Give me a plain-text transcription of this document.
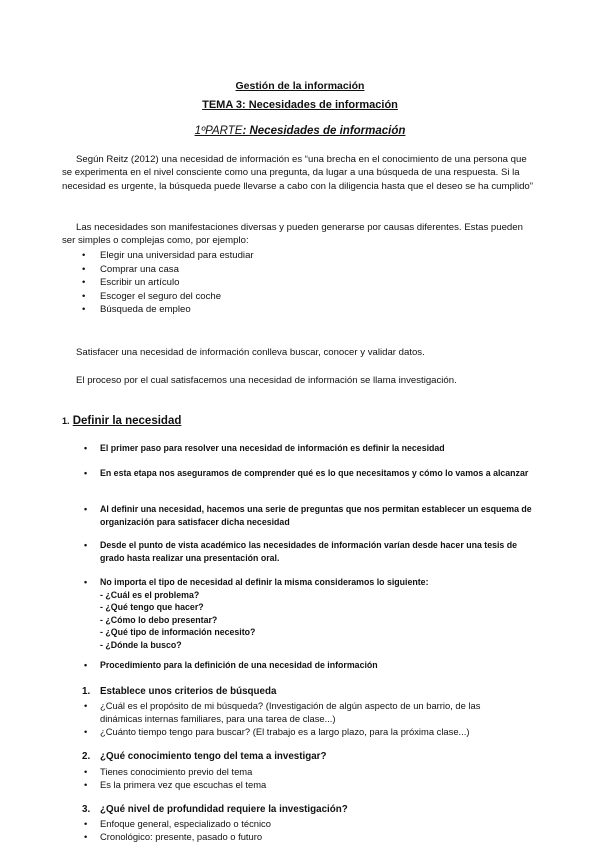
Gestión de la información
TEMA 3: Necesidades de información
1ºPARTE: Necesidades de información
Según Reitz (2012) una necesidad de información es “una brecha en el conocimiento de una persona que se experimenta en el nivel consciente como una pregunta, da lugar a una búsqueda de una respuesta. Si la necesidad es urgente, la búsqueda puede llevarse a cabo con la diligencia hasta que el deseo se ha cumplido”
Las necesidades son manifestaciones diversas y pueden generarse por causas diferentes. Estas pueden ser simples o complejas como, por ejemplo:
• Elegir una universidad para estudiar
• Comprar una casa
• Escribir un artículo
• Escoger el seguro del coche
• Búsqueda de empleo
Satisfacer una necesidad de información conlleva buscar, conocer y validar datos.
El proceso por el cual satisfacemos una necesidad de información se llama investigación.
1. Definir la necesidad
• El primer paso para resolver una necesidad de información es definir la necesidad
• En esta etapa nos aseguramos de comprender qué es lo que necesitamos y cómo lo vamos a alcanzar
• Al definir una necesidad, hacemos una serie de preguntas que nos permitan establecer un esquema de organización para satisfacer dicha necesidad
• Desde el punto de vista académico las necesidades de información varían desde hacer una tesis de grado hasta realizar una presentación oral.
• No importa el tipo de necesidad al definir la misma consideramos lo siguiente:
- ¿Cuál es el problema?
- ¿Qué tengo que hacer?
- ¿Cómo lo debo presentar?
- ¿Qué tipo de información necesito?
- ¿Dónde la busco?
• Procedimiento para la definición de una necesidad de información
1. Establece unos criterios de búsqueda
• ¿Cuál es el propósito de mi búsqueda? (Investigación de algún aspecto de un barrio, de las dinámicas internas familiares, para una tarea de clase...)
• ¿Cuánto tiempo tengo para buscar? (El trabajo es a largo plazo, para la próxima clase...)
2. ¿Qué conocimiento tengo del tema a investigar?
• Tienes conocimiento previo del tema
• Es la primera vez que escuchas el tema
3. ¿Qué nivel de profundidad requiere la investigación?
• Enfoque general, especializado o técnico
• Cronológico: presente, pasado o futuro
